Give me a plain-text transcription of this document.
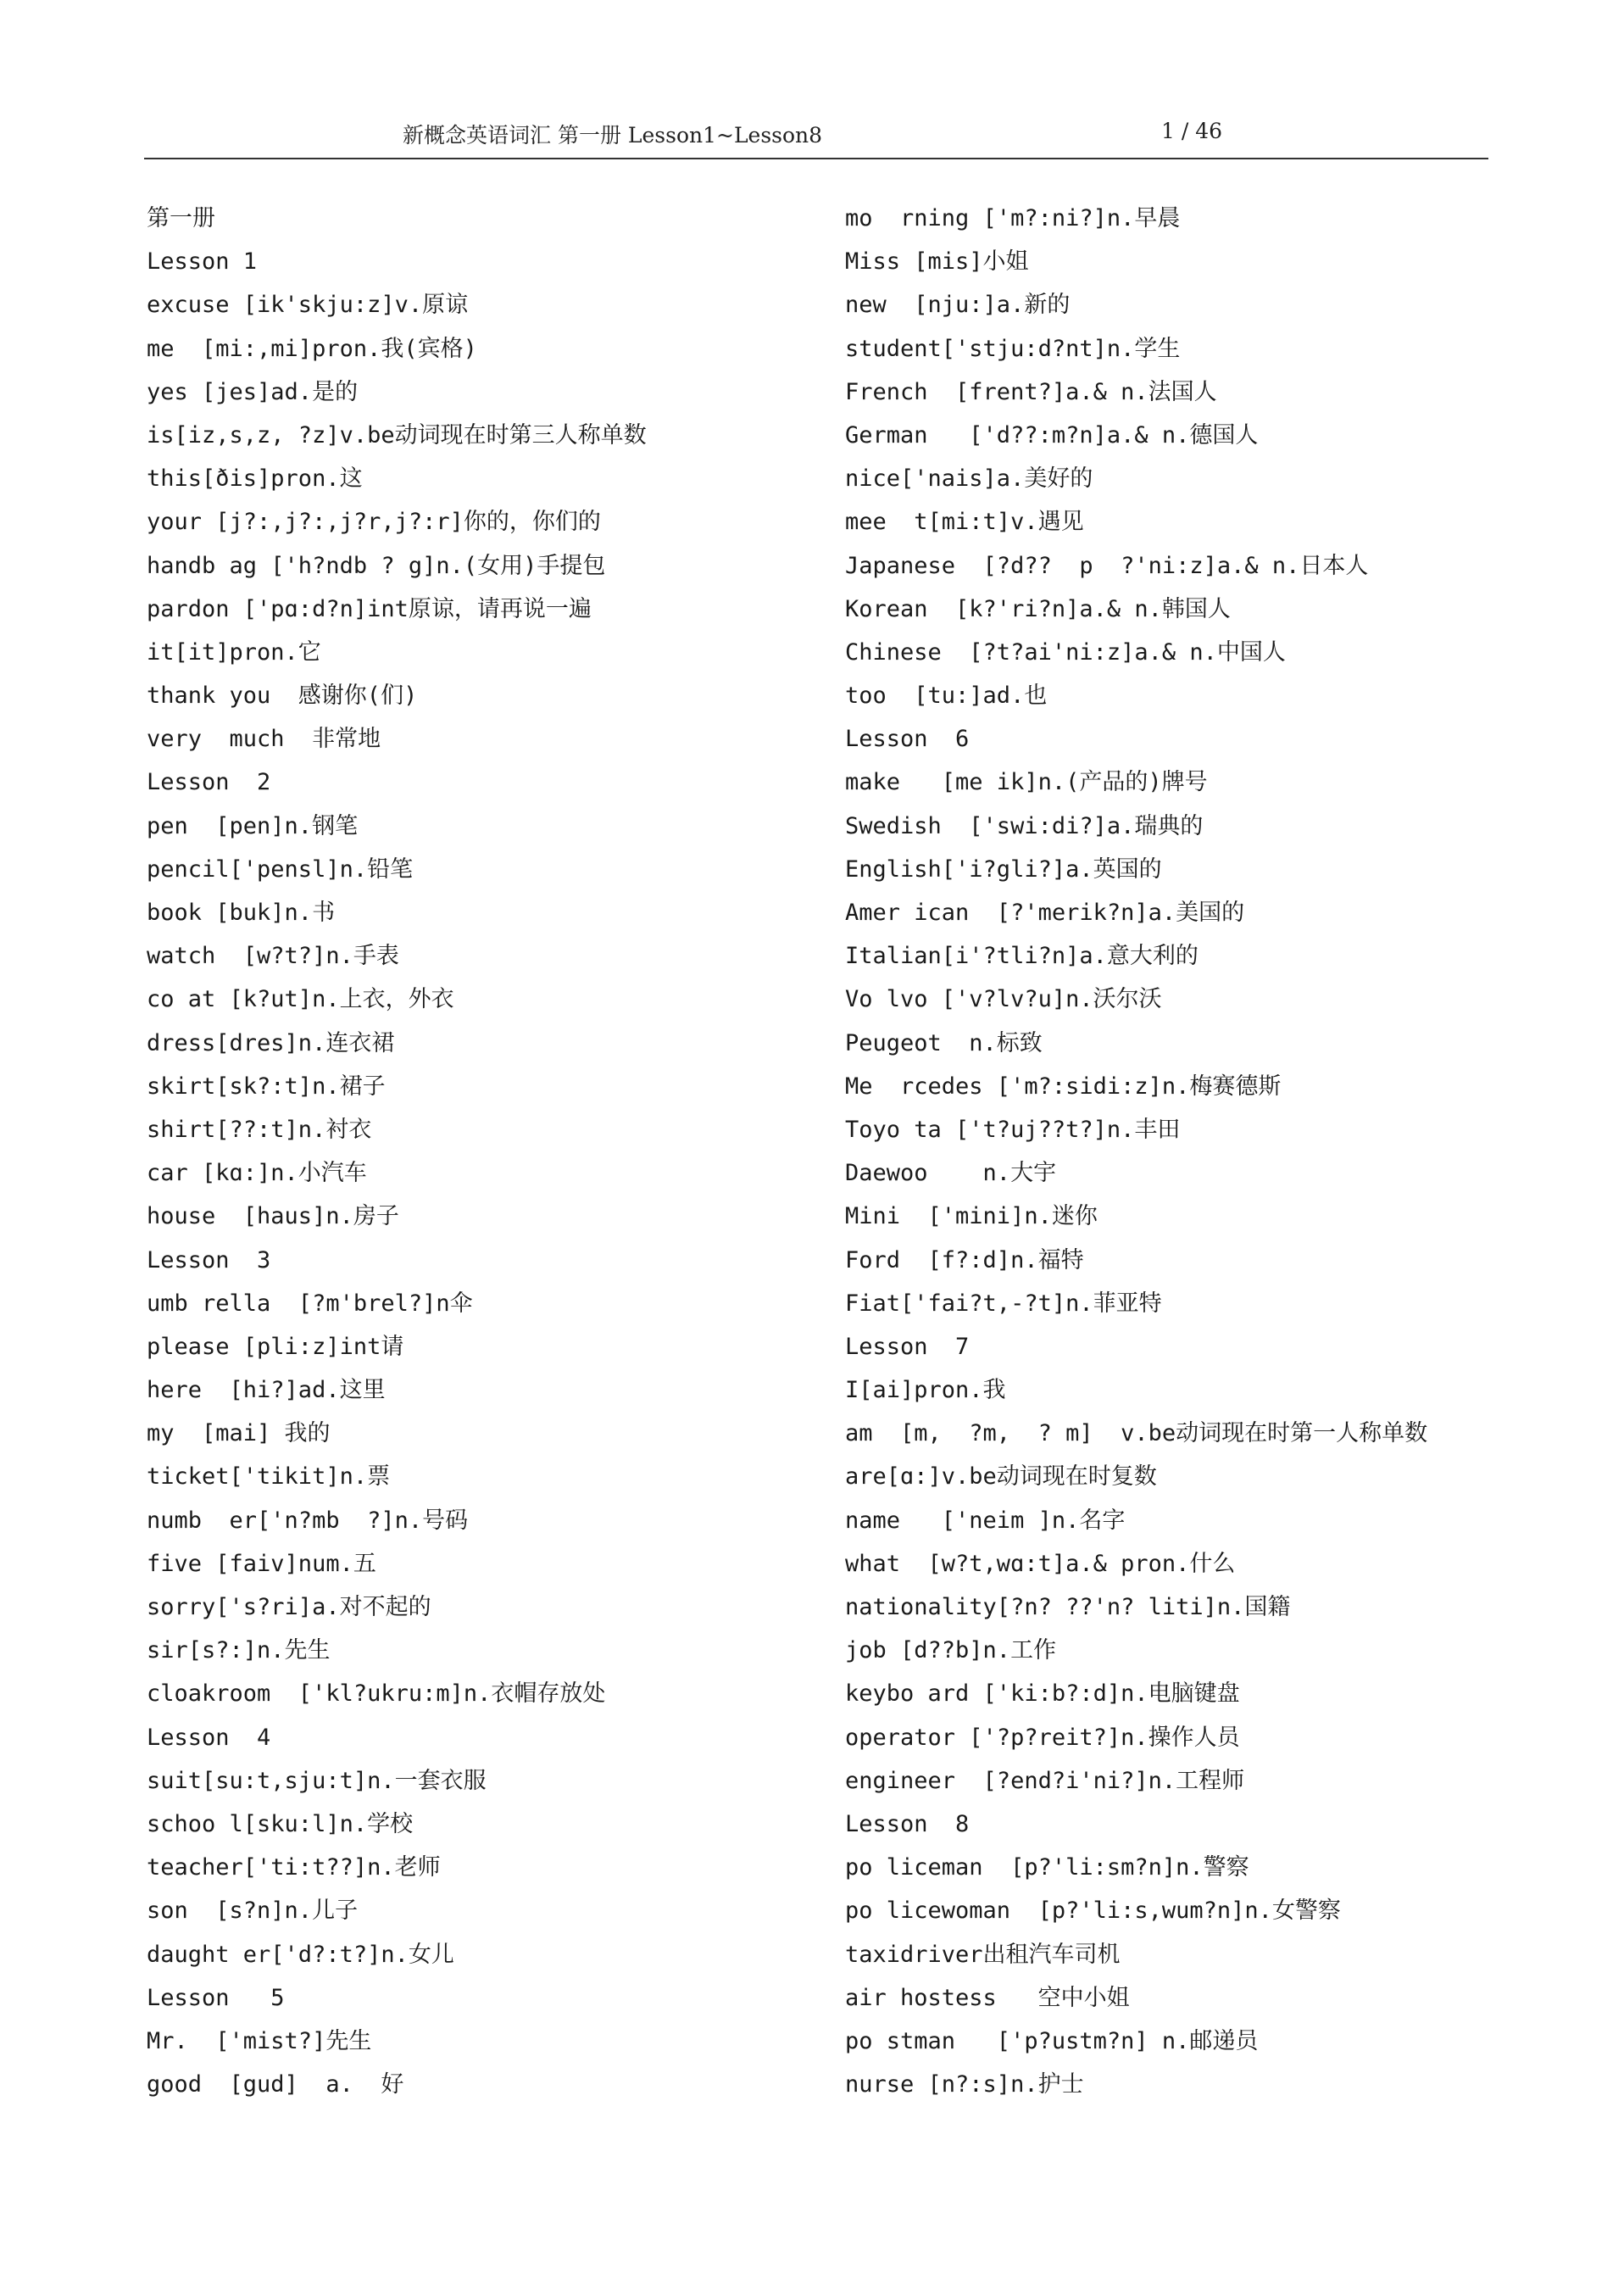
新概念英语词汇 第一册 Lesson1~Lesson8	1 / 46
第一册
Lesson 1
excuse [ik'skju:z]v.原谅
me  [mi:,mi]pron.我(宾格)
yes [jes]ad.是的
is[iz,s,z, ?z]v.be动词现在时第三人称单数
this[ðis]pron.这
your [j?:,j?:,j?r,j?:r]你的，你们的
handb ag ['h?ndb ? g]n.(女用)手提包
pardon ['pɑ:d?n]int原谅，请再说一遍
it[it]pron.它
thank you  感谢你(们)
very  much  非常地
Lesson  2
pen  [pen]n.钢笔
pencil['pensl]n.铅笔
book [buk]n.书
watch  [w?t?]n.手表
co at [k?ut]n.上衣，外衣
dress[dres]n.连衣裙
skirt[sk?:t]n.裙子
shirt[??:t]n.衬衣
car [kɑ:]n.小汽车
house  [haus]n.房子
Lesson  3
umb rella  [?m'brel?]n伞
please [pli:z]int请
here  [hi?]ad.这里
my  [mai] 我的
ticket['tikit]n.票
numb  er['n?mb  ?]n.号码
five [faiv]num.五
sorry['s?ri]a.对不起的
sir[s?:]n.先生
cloakroom  ['kl?ukru:m]n.衣帽存放处
Lesson  4
suit[su:t,sju:t]n.一套衣服
schoo l[sku:l]n.学校
teacher['ti:t??]n.老师
son  [s?n]n.儿子
daught er['d?:t?]n.女儿
Lesson   5
Mr.  ['mist?]先生
good  [gud]  a.  好
mo  rning ['m?:ni?]n.早晨
Miss [mis]小姐
new  [nju:]a.新的
student['stju:d?nt]n.学生
French  [frent?]a.& n.法国人
German   ['d??:m?n]a.& n.德国人
nice['nais]a.美好的
mee  t[mi:t]v.遇见
Japanese  [?d??  p  ?'ni:z]a.& n.日本人
Korean  [k?'ri?n]a.& n.韩国人
Chinese  [?t?ai'ni:z]a.& n.中国人
too  [tu:]ad.也
Lesson  6
make   [me ik]n.(产品的)牌号
Swedish  ['swi:di?]a.瑞典的
English['i?gli?]a.英国的
Amer ican  [?'merik?n]a.美国的
Italian[i'?tli?n]a.意大利的
Vo lvo ['v?lv?u]n.沃尔沃
Peugeot  n.标致
Me  rcedes ['m?:sidi:z]n.梅赛德斯
Toyo ta ['t?uj??t?]n.丰田
Daewoo    n.大宇
Mini  ['mini]n.迷你
Ford  [f?:d]n.福特
Fiat['fai?t,-?t]n.菲亚特
Lesson  7
I[ai]pron.我
am  [m,  ?m,  ? m]  v.be动词现在时第一人称单数
are[ɑ:]v.be动词现在时复数
name   ['neim ]n.名字
what  [w?t,wɑ:t]a.& pron.什么
nationality[?n? ??'n? liti]n.国籍
job [d??b]n.工作
keybo ard ['ki:b?:d]n.电脑键盘
operator ['?p?reit?]n.操作人员
engineer  [?end?i'ni?]n.工程师
Lesson  8
po liceman  [p?'li:sm?n]n.警察
po licewoman  [p?'li:s,wum?n]n.女警察
taxidriver出租汽车司机
air hostess   空中小姐
po stman   ['p?ustm?n] n.邮递员
nurse [n?:s]n.护士
